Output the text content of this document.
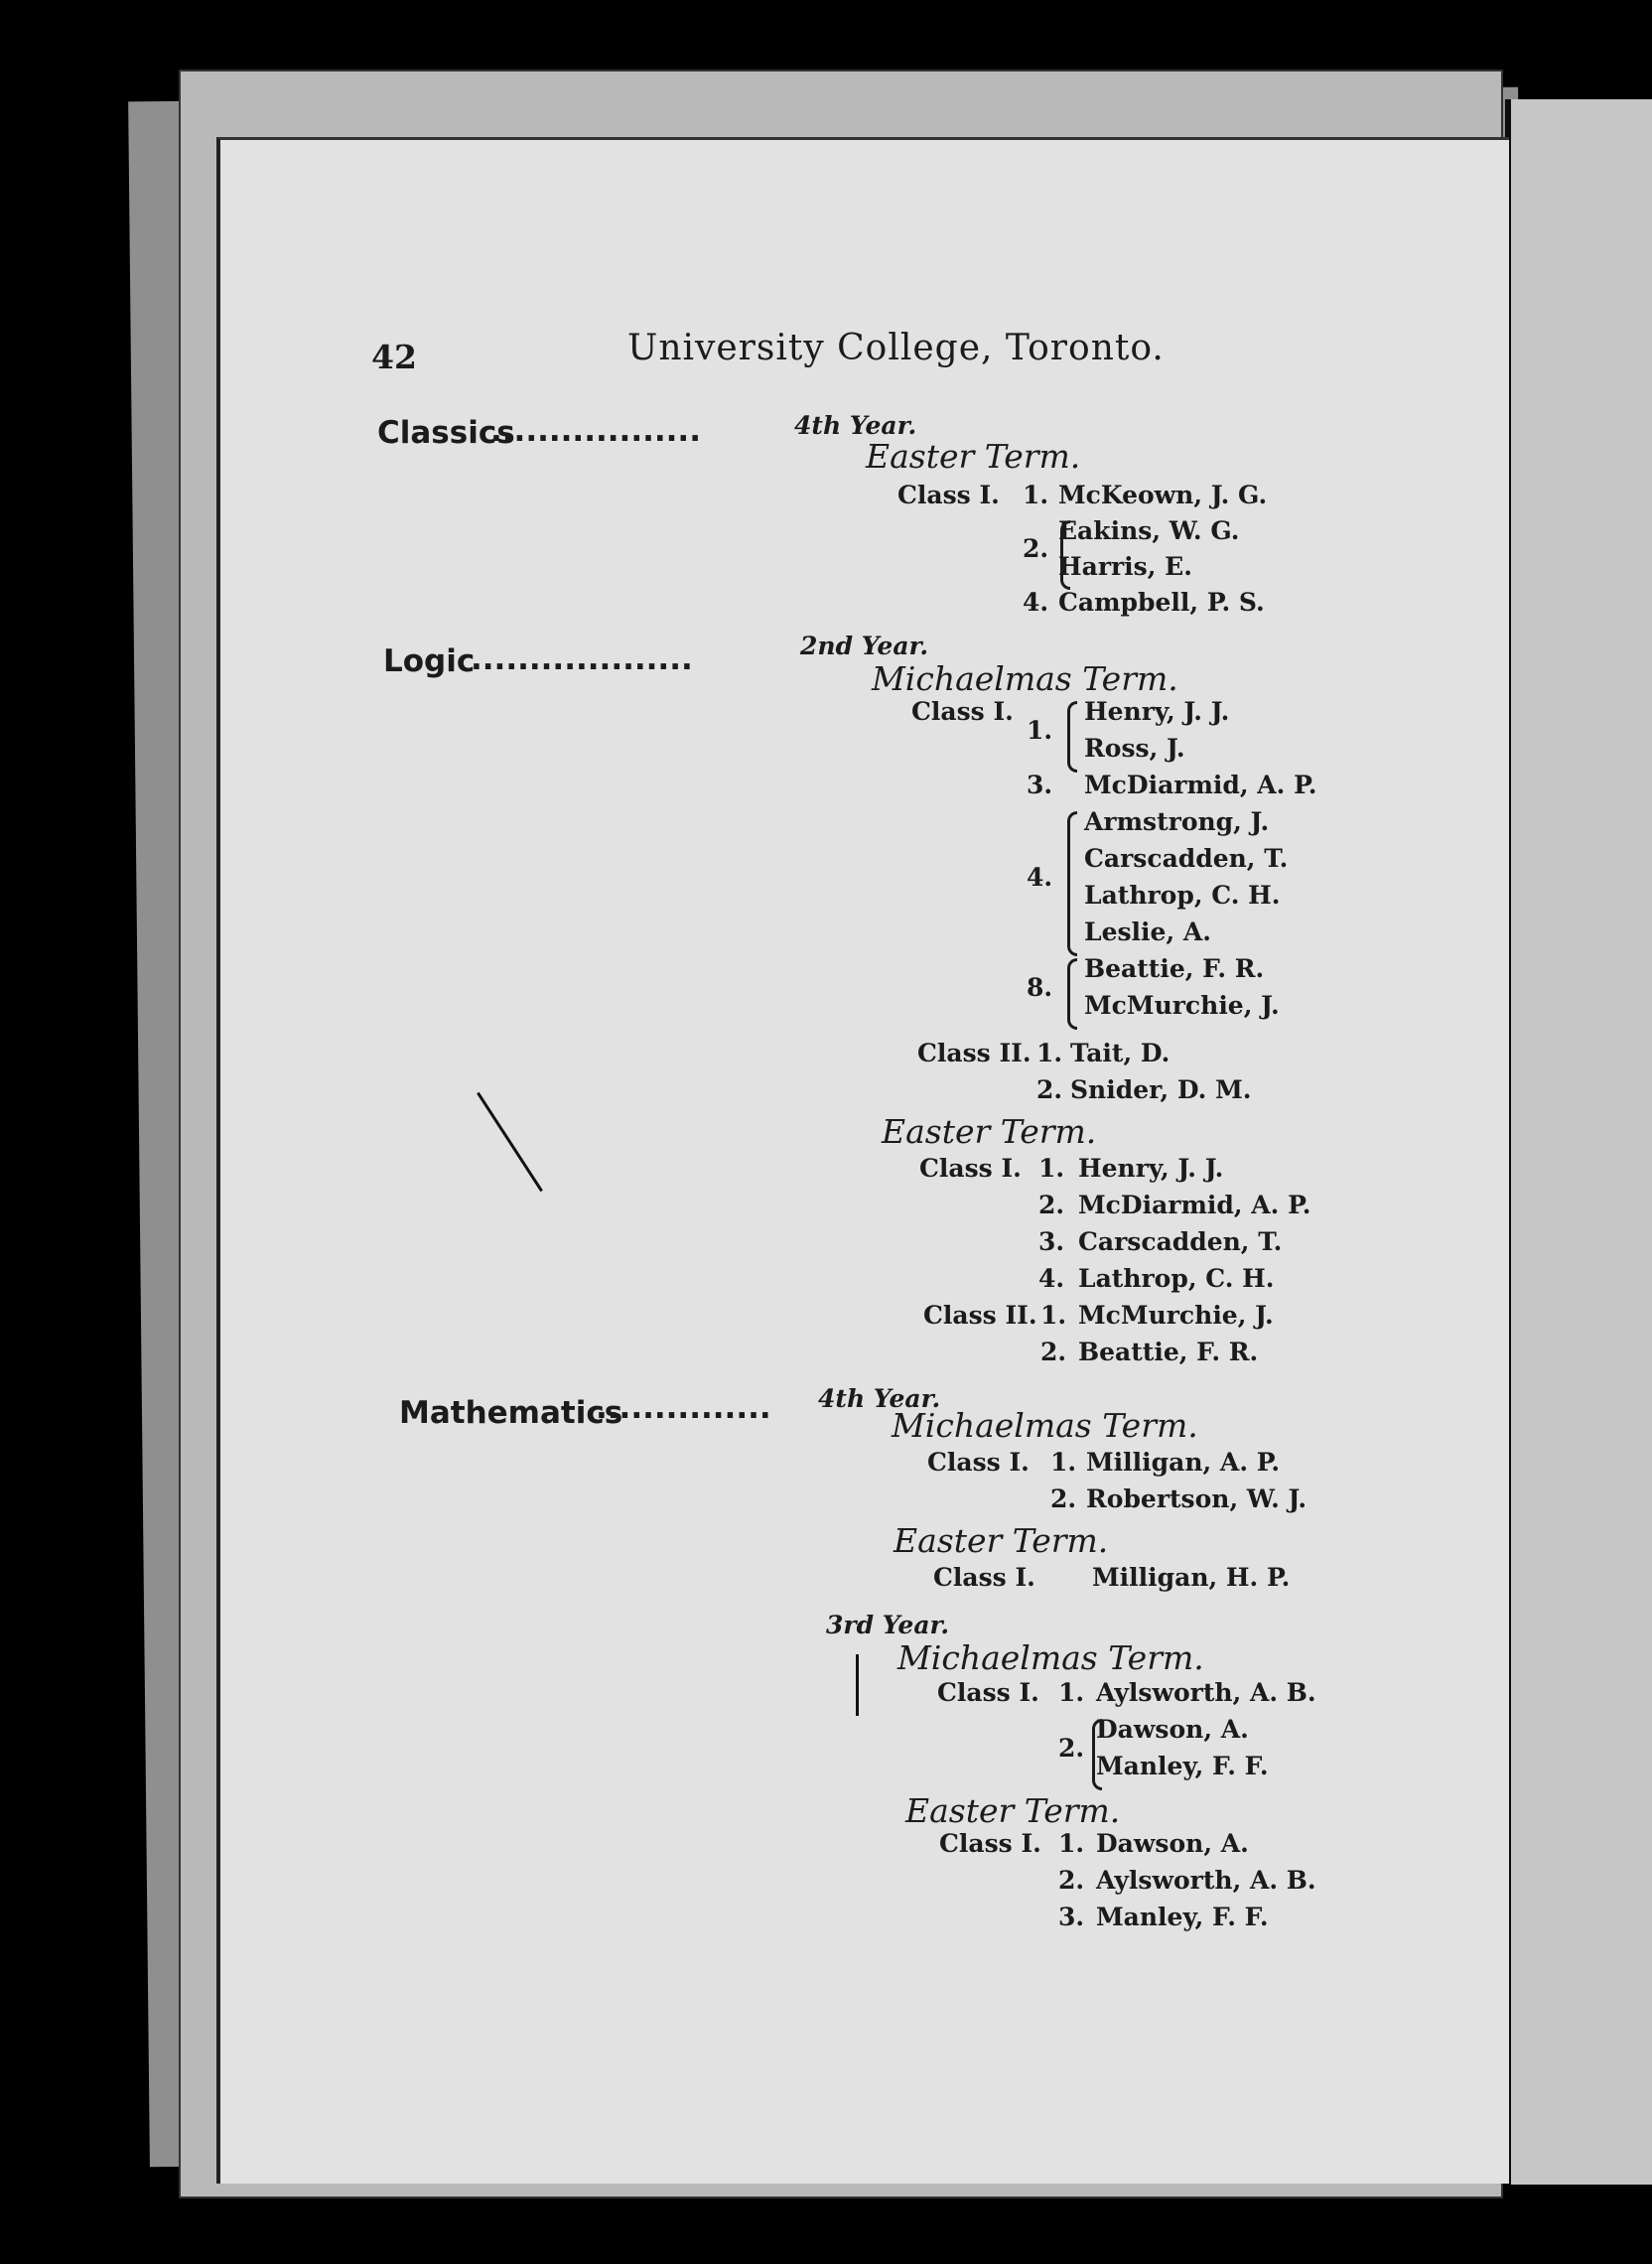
42	University College, Toronto.
Classics
..................	4th Year.
Easter Term.
Class I. 1. McKeown, J. G.
2.
Eakins, W. G.
Harris, E.
4. Campbell, P. S.
Logic
...................	2nd Year.
Michaelmas Term.
Class I.
1.
Henry, J. J.
Ross, J.
3. McDiarmid, A. P.
4.
Armstrong, J.
Carscadden, T.
Lathrop, C. H.
Leslie, A.
8.
Beattie, F. R.
McMurchie, J.
Class II. 1. Tait, D.
2. Snider, D. M.
Easter Term.
Class I. 1. Henry, J. J.
2. McDiarmid, A. P.
3. Carscadden, T.
4. Lathrop, C. H.
Class II. 1. McMurchie, J.
2. Beattie, F. R.
Mathematics
............... 4th Year.
Michaelmas Term.
Class I. 1. Milligan, A. P.
2. Robertson, W. J.
Easter Term.
Class I. Milligan, H. P.
3rd Year.
Michaelmas Term.
Class I. 1. Aylsworth, A. B.
2.
Dawson, A.
Manley, F. F.
Easter Term.
Class I. 1. Dawson, A.
2. Aylsworth, A. B.
3. Manley, F. F.
